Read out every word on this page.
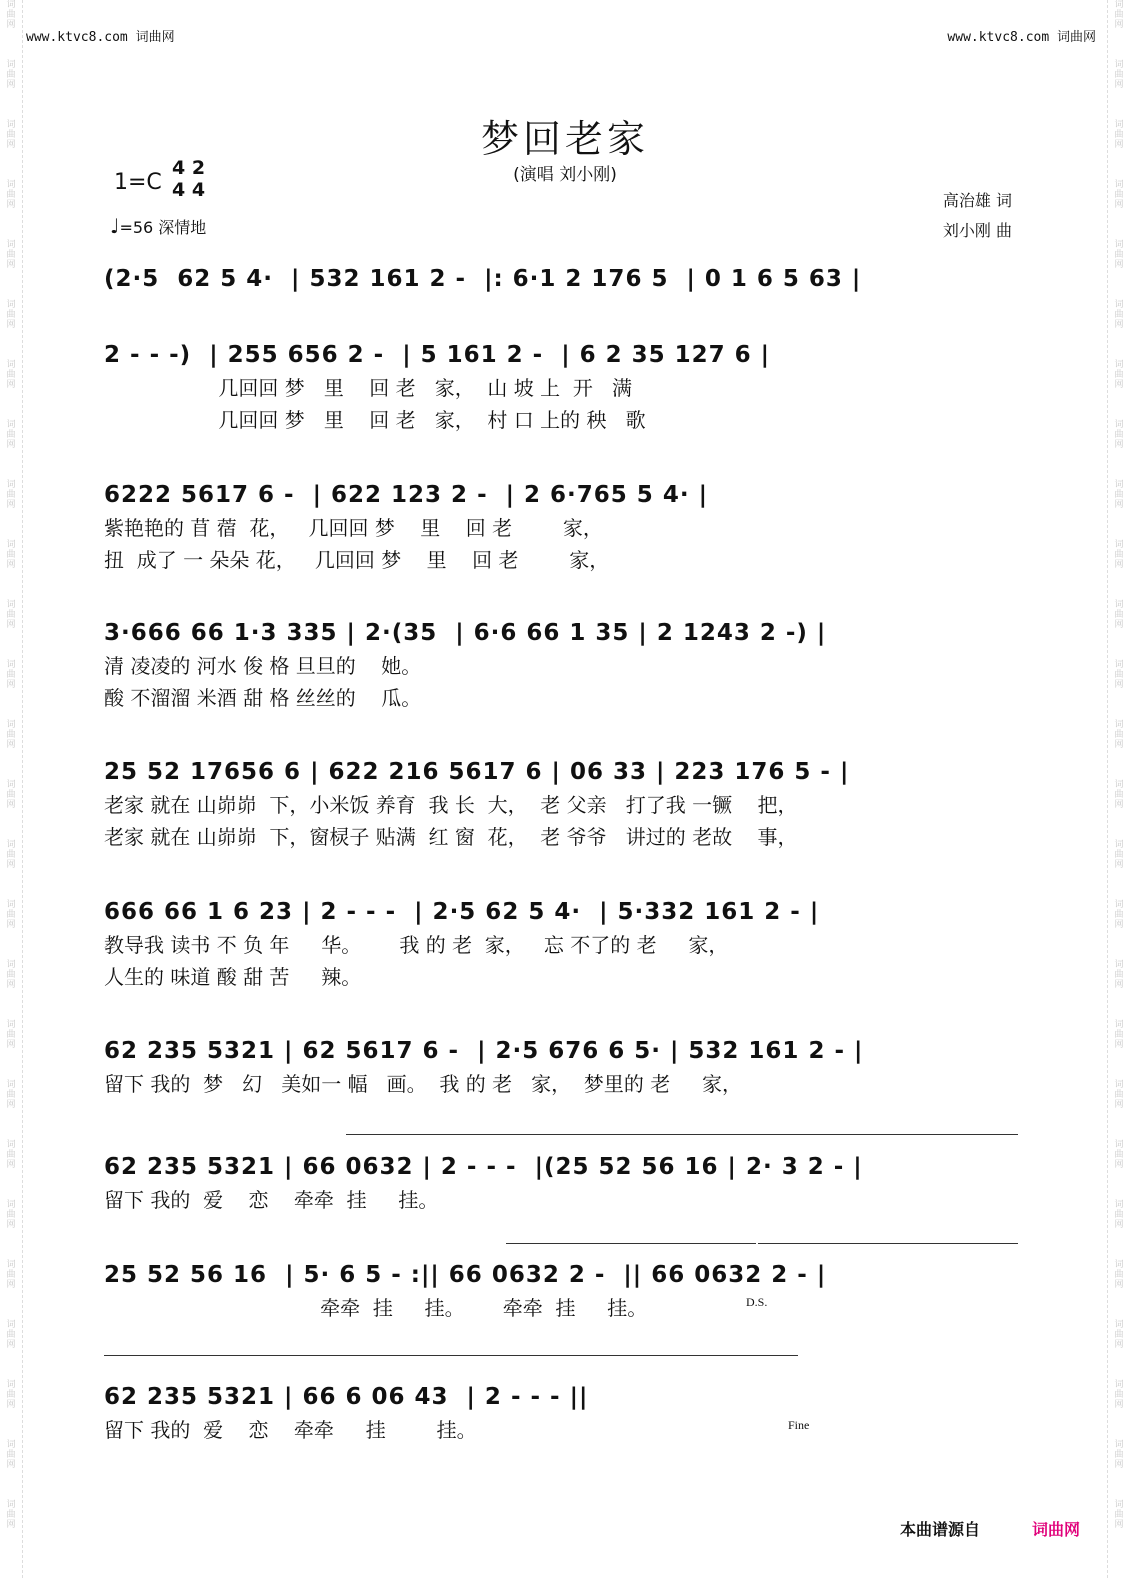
词
曲
网
词
曲
网
词
曲
网
词
曲
网
词
曲
网
词
曲
网
词
曲
网
词
曲
网
词
曲
网
词
曲
网
词
曲
网
词
曲
网
词
曲
网
词
曲
网
词
曲
网
词
曲
网
词
曲
网
词
曲
网
词
曲
网
词
曲
网
词
曲
网
词
曲
网
词
曲
网
词
曲
网
词
曲
网
词
曲
网
词
曲
网
词
曲
网
词
曲
网
词
曲
网
词
曲
网
词
曲
网
词
曲
网
词
曲
网
词
曲
网
词
曲
网
词
曲
网
词
曲
网
词
曲
网
词
曲
网
词
曲
网
词
曲
网
词
曲
网
词
曲
网
词
曲
网
词
曲
网
词
曲
网
词
曲
网
词
曲
网
词
曲
网
词
曲
网
词
曲
网
www.ktvc8.com 词曲网	www.ktvc8.com 词曲网
梦回老家
(演唱 刘小刚)
1=C
4 2
4 4
♩=56 深情地
高治雄 词
刘小刚 曲
(2·5  62 5 4·  | 532 161 2 -  |: 6·1 2 176 5  | 0 1 6 5 63 |
2 - - -)  | 255 656 2 -  | 5 161 2 -  | 6 2 35 127 6 |
几回回 梦   里    回 老   家，  山 坡 上  开   满
几回回 梦   里    回 老   家，  村 口 上的 秧   歌
6222 5617 6 -  | 622 123 2 -  | 2 6·765 5 4· |
紫艳艳的 苜 蓿  花，   几回回 梦    里    回 老        家，
扭  成了 一 朵朵 花，   几回回 梦    里    回 老        家，
3·666 66 1·3 335 | 2·(35  | 6·6 66 1 35 | 2 1243 2 -) |
清 凌凌的 河水 俊 格 旦旦的    她。
酸 不溜溜 米酒 甜 格 丝丝的    瓜。
25 52 17656 6 | 622 216 5617 6 | 06 33 | 223 176 5 - |
老家 就在 山峁峁  下，小米饭 养育  我 长  大，  老 父亲   打了我 一镢    把，
老家 就在 山峁峁  下，窗棂子 贴满  红 窗  花，  老 爷爷   讲过的 老故    事，
666 66 1 6 23 | 2 - - -  | 2·5 62 5 4·  | 5·332 161 2 - |
教导我 读书 不 负 年     华。      我 的 老  家，   忘 不了的 老     家，
人生的 味道 酸 甜 苦     辣。
62 235 5321 | 62 5617 6 -  | 2·5 676 6 5· | 532 161 2 - |
留下 我的  梦   幻   美如一 幅   画。  我 的 老   家，  梦里的 老     家，
62 235 5321 | 66 0632 | 2 - - -  |(25 52 56 16 | 2· 3 2 - |
留下 我的  爱    恋    牵牵  挂     挂。
25 52 56 16  | 5· 6 5 - :|| 66 0632 2 -  || 66 0632 2 - |
牵牵  挂     挂。      牵牵  挂     挂。
62 235 5321 | 66 6 06 43  | 2 - - - ||
留下 我的  爱    恋    牵牵     挂        挂。
D.S.
Fine
本曲谱源自	词曲网
